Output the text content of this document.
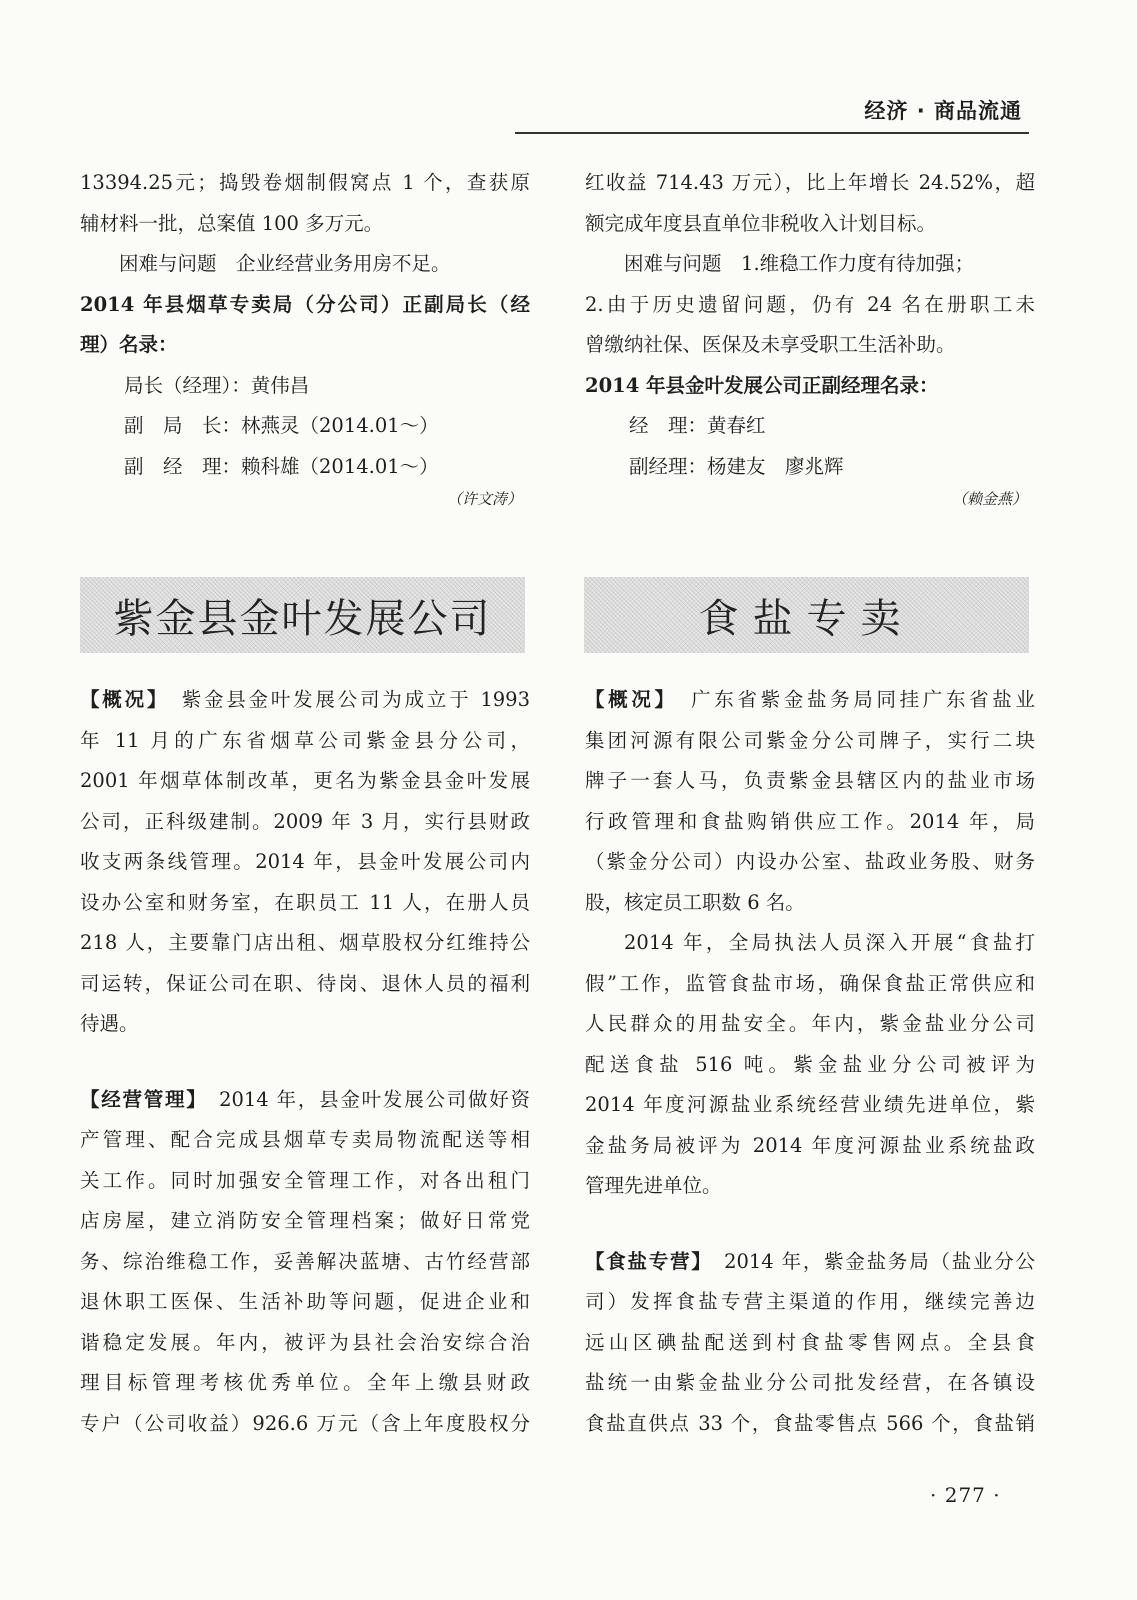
经济 · 商品流通
13394.25元；捣毁卷烟制假窝点 1 个，查获原
辅材料一批，总案值 100 多万元。
困难与问题　 企业经营业务用房不足。
2014 年县烟草专卖局（分公司）正副局长（经
理）名录：
局长（经理）：黄伟昌
副　局　长：林燕灵（2014.01～）
副　经　理：赖科雄（2014.01～）
（许文涛）
红收益 714.43 万元），比上年增长 24.52%，超
额完成年度县直单位非税收入计划目标。
困难与问题　 1.维稳工作力度有待加强；
2.由于历史遗留问题，仍有 24 名在册职工未
曾缴纳社保、医保及未享受职工生活补助。
2014 年县金叶发展公司正副经理名录：
经　理：黄春红
副经理：杨建友　廖兆辉
（赖金燕）
紫金县金叶发展公司	食盐专卖
【概况】　 紫金县金叶发展公司为成立于 1993
年 11 月的广东省烟草公司紫金县分公司，
2001 年烟草体制改革，更名为紫金县金叶发展
公司，正科级建制。2009 年 3 月，实行县财政
收支两条线管理。2014 年，县金叶发展公司内
设办公室和财务室，在职员工 11 人，在册人员
218 人，主要靠门店出租、烟草股权分红维持公
司运转，保证公司在职、待岗、退休人员的福利
待遇。
【经营管理】　 2014 年，县金叶发展公司做好资
产管理、配合完成县烟草专卖局物流配送等相
关工作。同时加强安全管理工作，对各出租门
店房屋，建立消防安全管理档案；做好日常党
务、综治维稳工作，妥善解决蓝塘、古竹经营部
退休职工医保、生活补助等问题，促进企业和
谐稳定发展。年内，被评为县社会治安综合治
理目标管理考核优秀单位。全年上缴县财政
专户（公司收益）926.6 万元（含上年度股权分
【概况】　 广东省紫金盐务局同挂广东省盐业
集团河源有限公司紫金分公司牌子，实行二块
牌子一套人马，负责紫金县辖区内的盐业市场
行政管理和食盐购销供应工作。2014 年，局
（紫金分公司）内设办公室、盐政业务股、财务
股，核定员工职数 6 名。
2014 年，全局执法人员深入开展“食盐打
假”工作，监管食盐市场，确保食盐正常供应和
人民群众的用盐安全。年内，紫金盐业分公司
配送食盐 516 吨。紫金盐业分公司被评为
2014 年度河源盐业系统经营业绩先进单位，紫
金盐务局被评为 2014 年度河源盐业系统盐政
管理先进单位。
【食盐专营】　 2014 年，紫金盐务局（盐业分公
司）发挥食盐专营主渠道的作用，继续完善边
远山区碘盐配送到村食盐零售网点。全县食
盐统一由紫金盐业分公司批发经营，在各镇设
食盐直供点 33 个，食盐零售点 566 个，食盐销
· 277 ·
